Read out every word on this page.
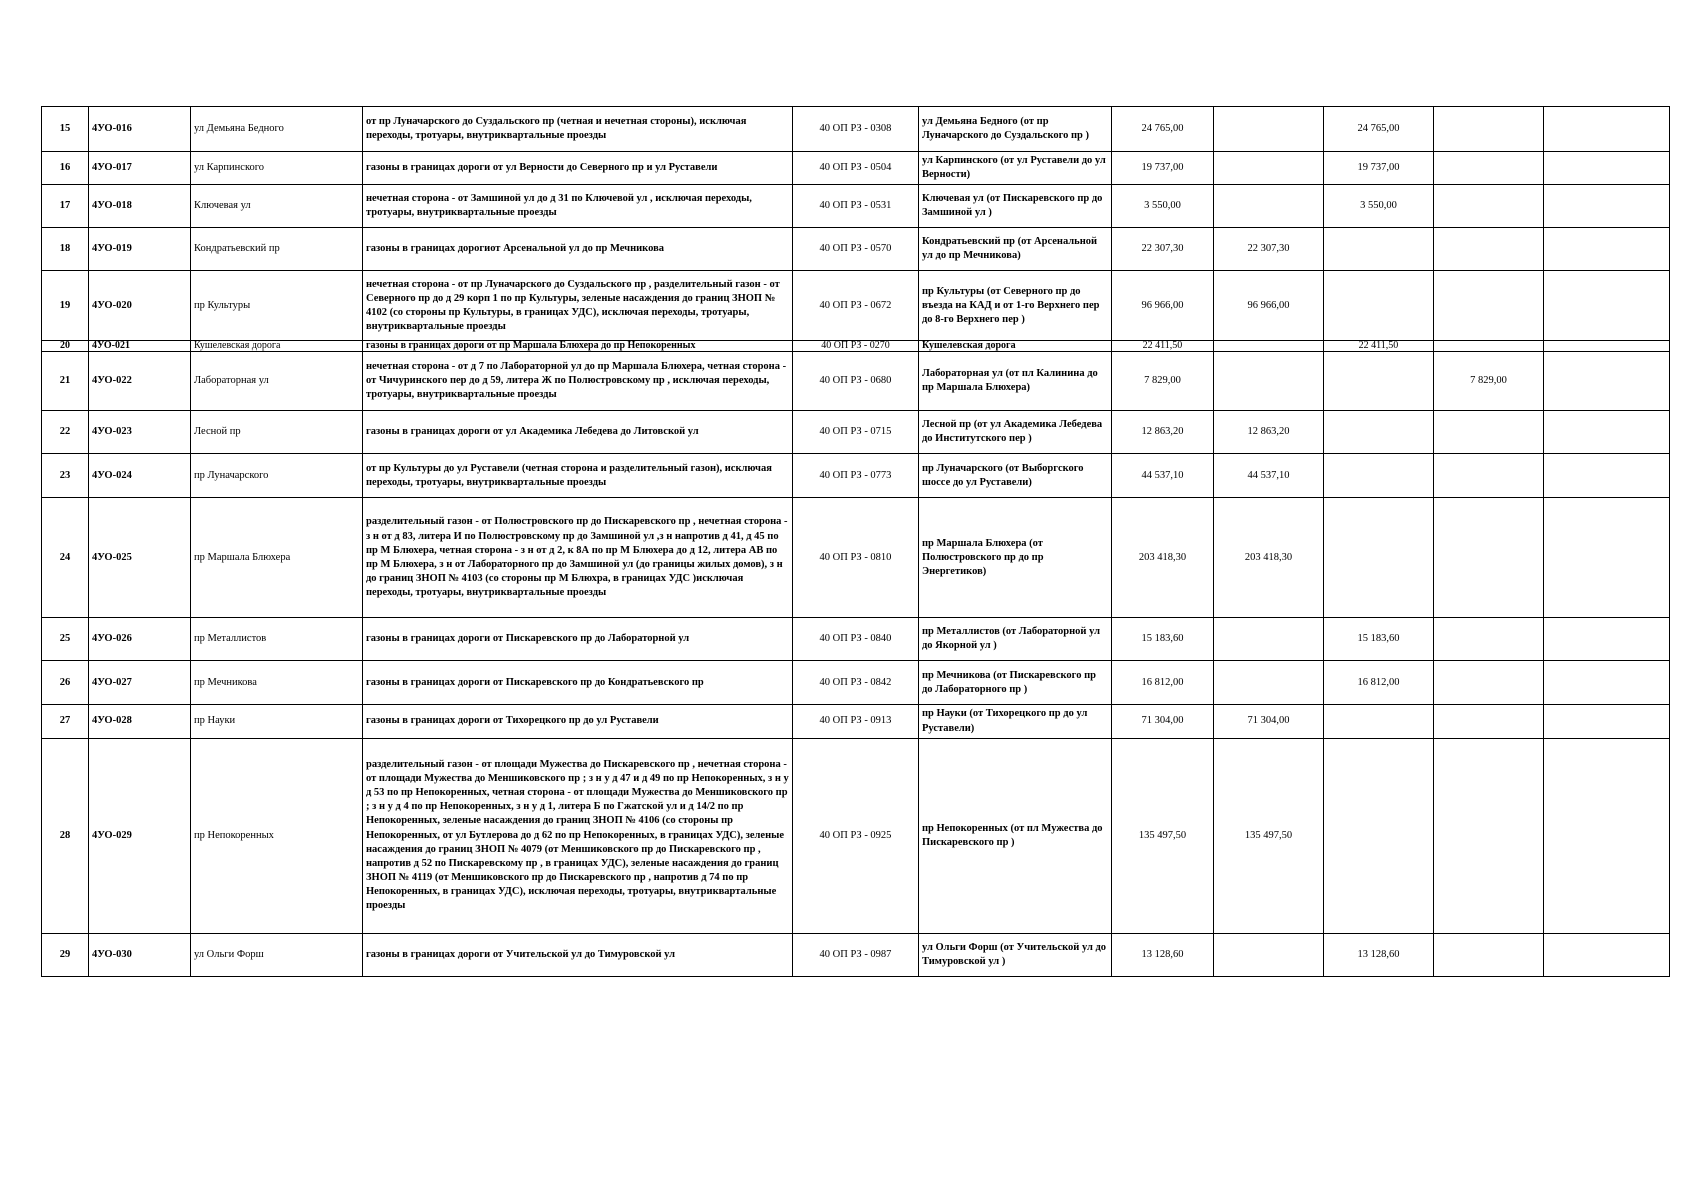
15	4УО-016	ул Демьяна Бедного	от пр Луначарского до Суздальского пр (четная и нечетная стороны), исключая переходы, тротуары, внутриквартальные проезды	40 ОП РЗ - 0308	ул Демьяна Бедного (от пр Луначарского до Суздальского пр )	24 765,00		24 765,00		
16	4УО-017	ул Карпинского	газоны в границах дороги от ул Верности до Северного пр и ул Руставели	40 ОП РЗ - 0504	ул Карпинского (от ул Руставели до ул Верности)	19 737,00		19 737,00		
17	4УО-018	Ключевая ул	нечетная сторона - от Замшиной ул до д 31 по Ключевой ул , исключая переходы, тротуары, внутриквартальные проезды	40 ОП РЗ - 0531	Ключевая ул (от Пискаревского пр до Замшиной ул )	3 550,00		3 550,00		
18	4УО-019	Кондратьевский пр	газоны в границах дорогиот Арсенальной ул до пр Мечникова	40 ОП РЗ - 0570	Кондратьевский пр (от Арсенальной ул до пр Мечникова)	22 307,30	22 307,30			
19	4УО-020	пр Культуры	нечетная сторона - от пр Луначарского до Суздальского пр , разделительный газон - от Северного пр до д 29 корп 1 по пр Культуры, зеленые насаждения до границ ЗНОП № 4102 (со стороны пр Культуры, в границах УДС), исключая переходы, тротуары, внутриквартальные проезды	40 ОП РЗ - 0672	пр Культуры (от Северного пр до въезда на КАД и от 1-го Верхнего пер до 8-го Верхнего пер )	96 966,00	96 966,00			
20	4УО-021	Кушелевская дорога	газоны в границах дороги от пр Маршала Блюхера до пр Непокоренных	40 ОП РЗ - 0270	Кушелевская дорога	22 411,50		22 411,50		
21	4УО-022	Лабораторная ул	нечетная сторона - от д 7 по Лабораторной ул до пр Маршала Блюхера, четная сторона - от Чичуринского пер до д 59, литера Ж по Полюстровскому пр , исключая переходы, тротуары, внутриквартальные проезды	40 ОП РЗ - 0680	Лабораторная ул (от пл Калинина до пр Маршала Блюхера)	7 829,00			7 829,00	
22	4УО-023	Лесной пр	газоны в границах дороги от ул Академика Лебедева до Литовской ул	40 ОП РЗ - 0715	Лесной пр (от ул Академика Лебедева до Институтского пер )	12 863,20	12 863,20			
23	4УО-024	пр Луначарского	от пр Культуры до ул Руставели (четная сторона и разделительный газон), исключая переходы, тротуары, внутриквартальные проезды	40 ОП РЗ - 0773	пр Луначарского (от Выборгского шоссе до ул Руставели)	44 537,10	44 537,10			
24	4УО-025	пр Маршала Блюхера	разделительный газон - от Полюстровского пр до Пискаревского пр , нечетная сторона - з н от д 83, литера И по Полюстровскому пр до Замшиной ул ,з н напротив д 41, д 45 по пр М Блюхера, четная сторона - з н от д 2, к 8А по пр М Блюхера до д 12, литера АВ по пр М Блюхера, з н от Лабораторного пр до Замшиной ул (до границы жилых домов), з н до границ ЗНОП № 4103 (со стороны пр М Блюхра, в границах УДС )исключая переходы, тротуары, внутриквартальные проезды	40 ОП РЗ - 0810	пр Маршала Блюхера (от Полюстровского пр до пр Энергетиков)	203 418,30	203 418,30			
25	4УО-026	пр Металлистов	газоны в границах дороги от Пискаревского пр до Лабораторной ул	40 ОП РЗ - 0840	пр Металлистов (от Лабораторной ул до Якорной ул )	15 183,60		15 183,60		
26	4УО-027	пр Мечникова	газоны в границах дороги от Пискаревского пр до Кондратьевского пр	40 ОП РЗ - 0842	пр Мечникова (от Пискаревского пр до Лабораторного пр )	16 812,00		16 812,00		
27	4УО-028	пр Науки	газоны в границах дороги от Тихорецкого пр до ул Руставели	40 ОП РЗ - 0913	пр Науки (от Тихорецкого пр до ул Руставели)	71 304,00	71 304,00			
28	4УО-029	пр Непокоренных	разделительный газон - от площади Мужества до Пискаревского пр , нечетная сторона - от площади Мужества до Меншиковского пр ; з н у д 47 и д 49 по пр Непокоренных, з н у д 53 по пр Непокоренных, четная сторона - от площади Мужества до Меншиковского пр ; з н у д 4 по пр Непокоренных, з н у д 1, литера Б по Гжатской ул и д 14/2 по пр Непокоренных, зеленые насаждения до границ ЗНОП № 4106 (со стороны пр Непокоренных, от ул Бутлерова до д 62 по пр Непокоренных, в границах УДС), зеленые насаждения до границ ЗНОП № 4079 (от Меншиковского пр до Пискаревского пр , напротив д 52 по Пискаревскому пр , в границах УДС), зеленые насаждения до границ ЗНОП № 4119 (от Меншиковского пр до Пискаревского пр , напротив д 74 по пр Непокоренных, в границах УДС), исключая переходы, тротуары, внутриквартальные проезды	40 ОП РЗ - 0925	пр Непокоренных (от пл Мужества до Пискаревского пр )	135 497,50	135 497,50			
29	4УО-030	ул Ольги Форш	газоны в границах дороги от Учительской ул до Тимуровской ул	40 ОП РЗ - 0987	ул Ольги Форш (от Учительской ул до Тимуровской ул )	13 128,60		13 128,60		
